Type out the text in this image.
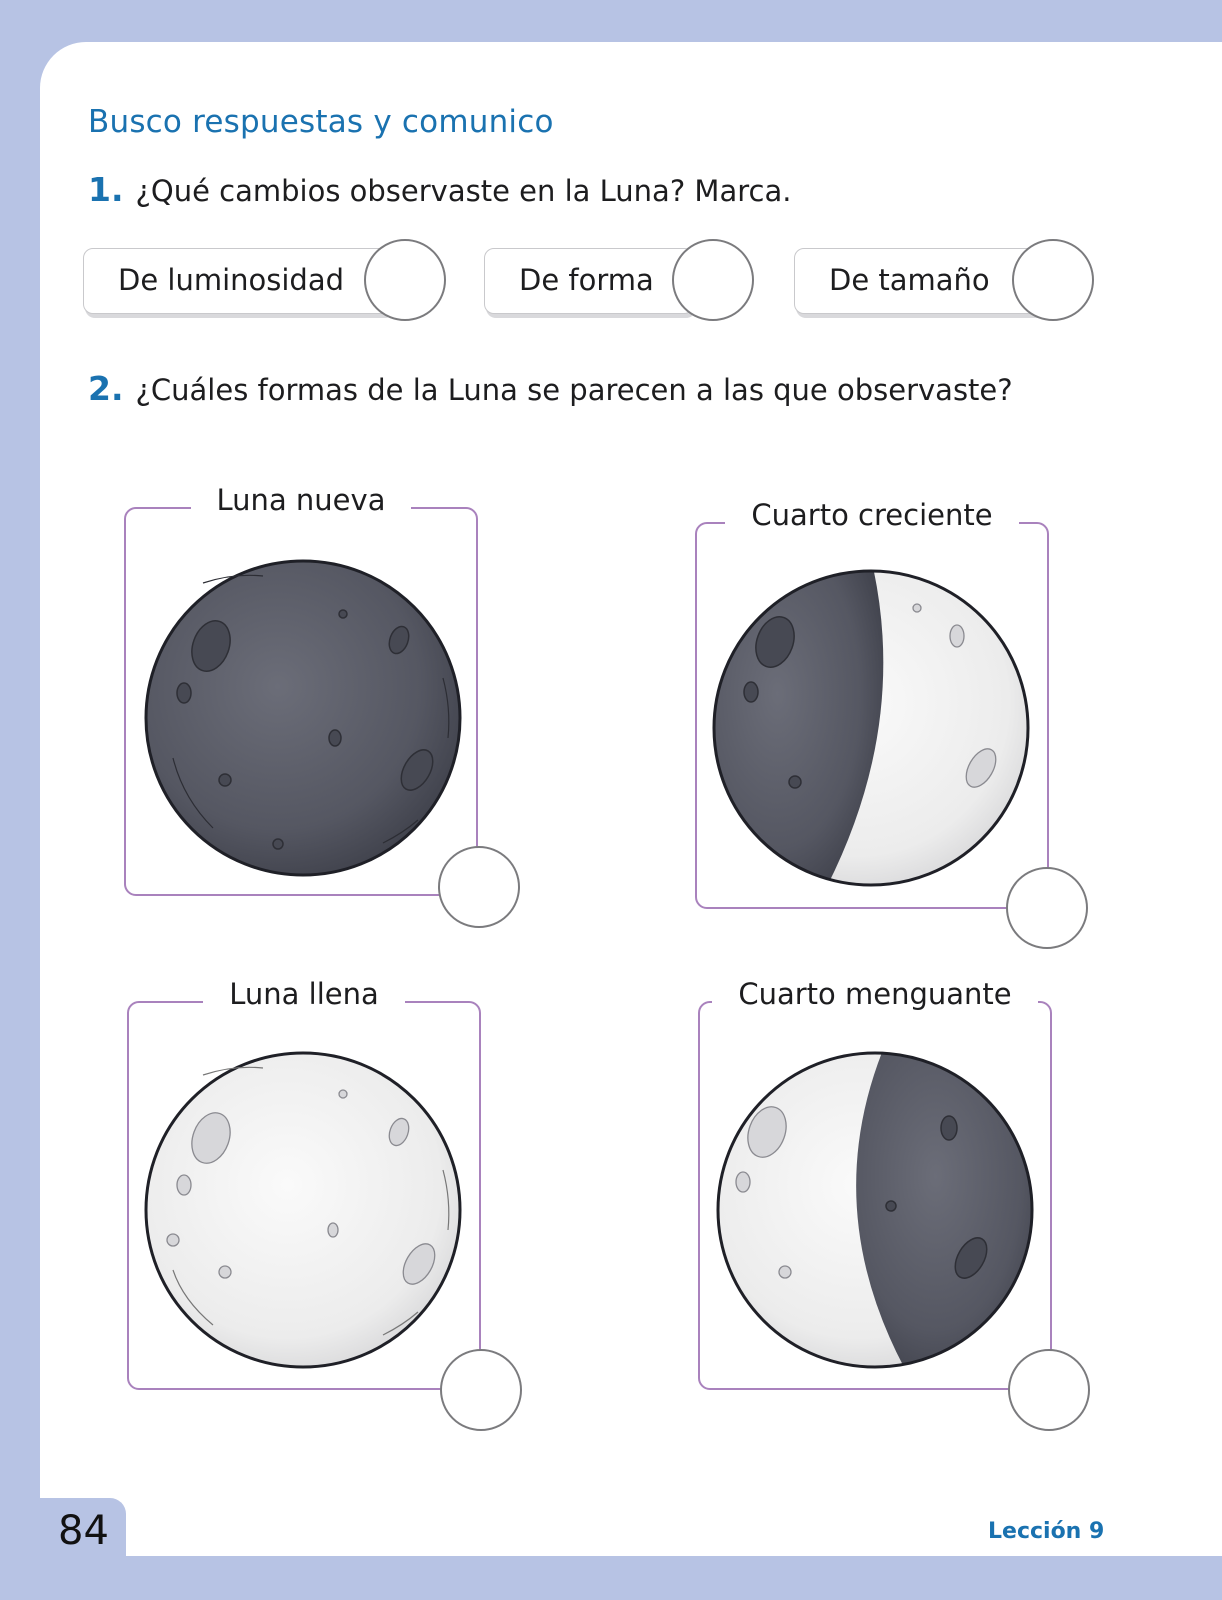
Busco respuestas y comunico
1. ¿Qué cambios observaste en la Luna? Marca.
De luminosidad	De forma	De tamaño
2. ¿Cuáles formas de la Luna se parecen a las que observaste?
Luna nueva	Cuarto creciente
Luna llena	Cuarto menguante
84	Lección 9
